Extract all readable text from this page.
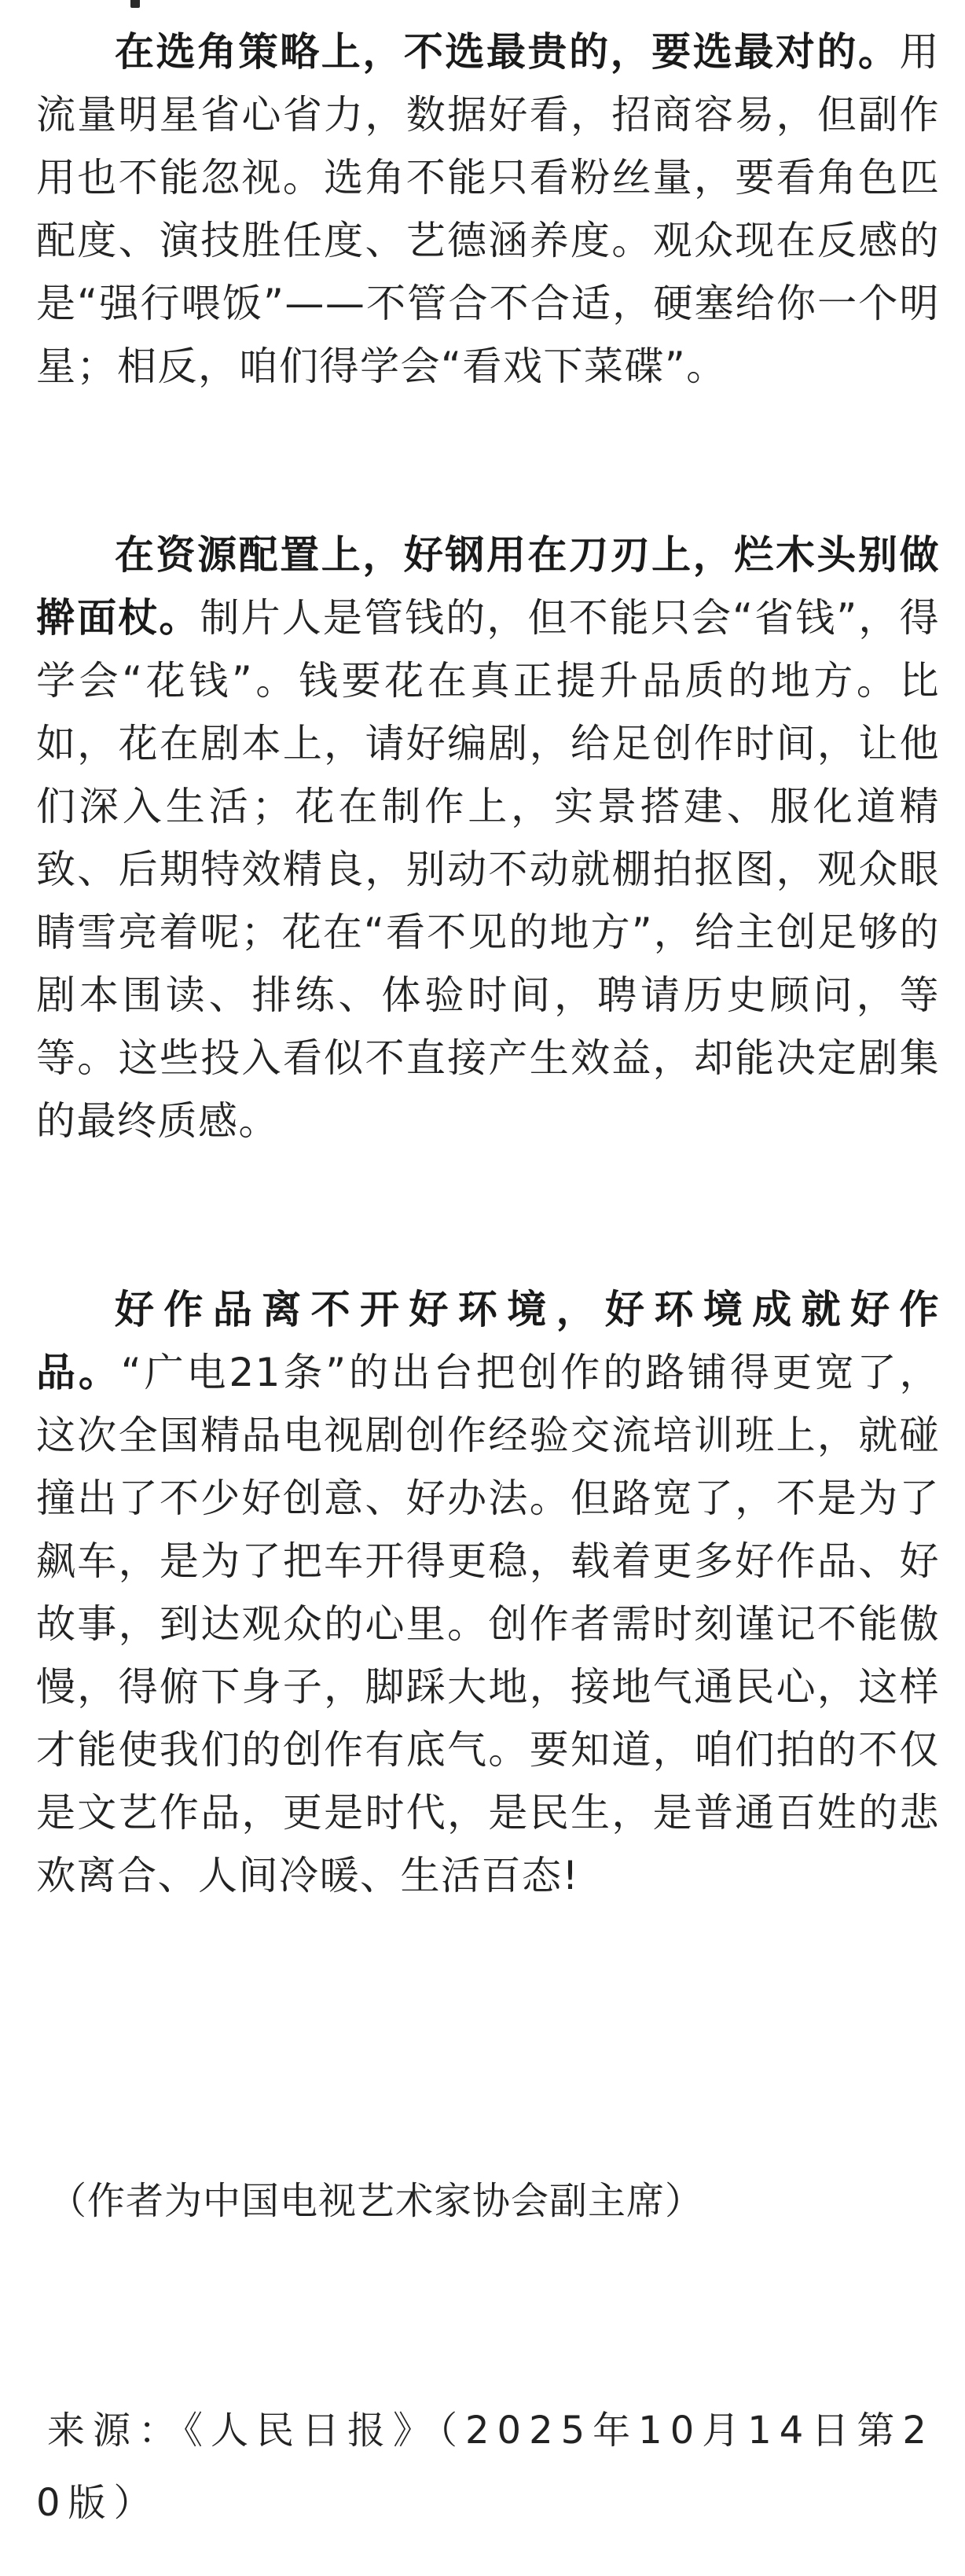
在选角策略上，不选最贵的，要选最对的。用流量明星省心省力，数据好看，招商容易，但副作用也不能忽视。选角不能只看粉丝量，要看角色匹配度、演技胜任度、艺德涵养度。观众现在反感的是“强行喂饭”——不管合不合适，硬塞给你一个明星；相反，咱们得学会“看戏下菜碟”。

在资源配置上，好钢用在刀刃上，烂木头别做擀面杖。制片人是管钱的，但不能只会“省钱”，得学会“花钱”。钱要花在真正提升品质的地方。比如，花在剧本上，请好编剧，给足创作时间，让他们深入生活；花在制作上，实景搭建、服化道精致、后期特效精良，别动不动就棚拍抠图，观众眼睛雪亮着呢；花在“看不见的地方”，给主创足够的剧本围读、排练、体验时间，聘请历史顾问，等等。这些投入看似不直接产生效益，却能决定剧集的最终质感。

好作品离不开好环境，好环境成就好作品。“广电21条”的出台把创作的路铺得更宽了，这次全国精品电视剧创作经验交流培训班上，就碰撞出了不少好创意、好办法。但路宽了，不是为了飙车，是为了把车开得更稳，载着更多好作品、好故事，到达观众的心里。创作者需时刻谨记不能傲慢，得俯下身子，脚踩大地，接地气通民心，这样才能使我们的创作有底气。要知道，咱们拍的不仅是文艺作品，更是时代，是民生，是普通百姓的悲欢离合、人间冷暖、生活百态!

（作者为中国电视艺术家协会副主席）

来源：《人民日报》（2025年10月14日第20版）
